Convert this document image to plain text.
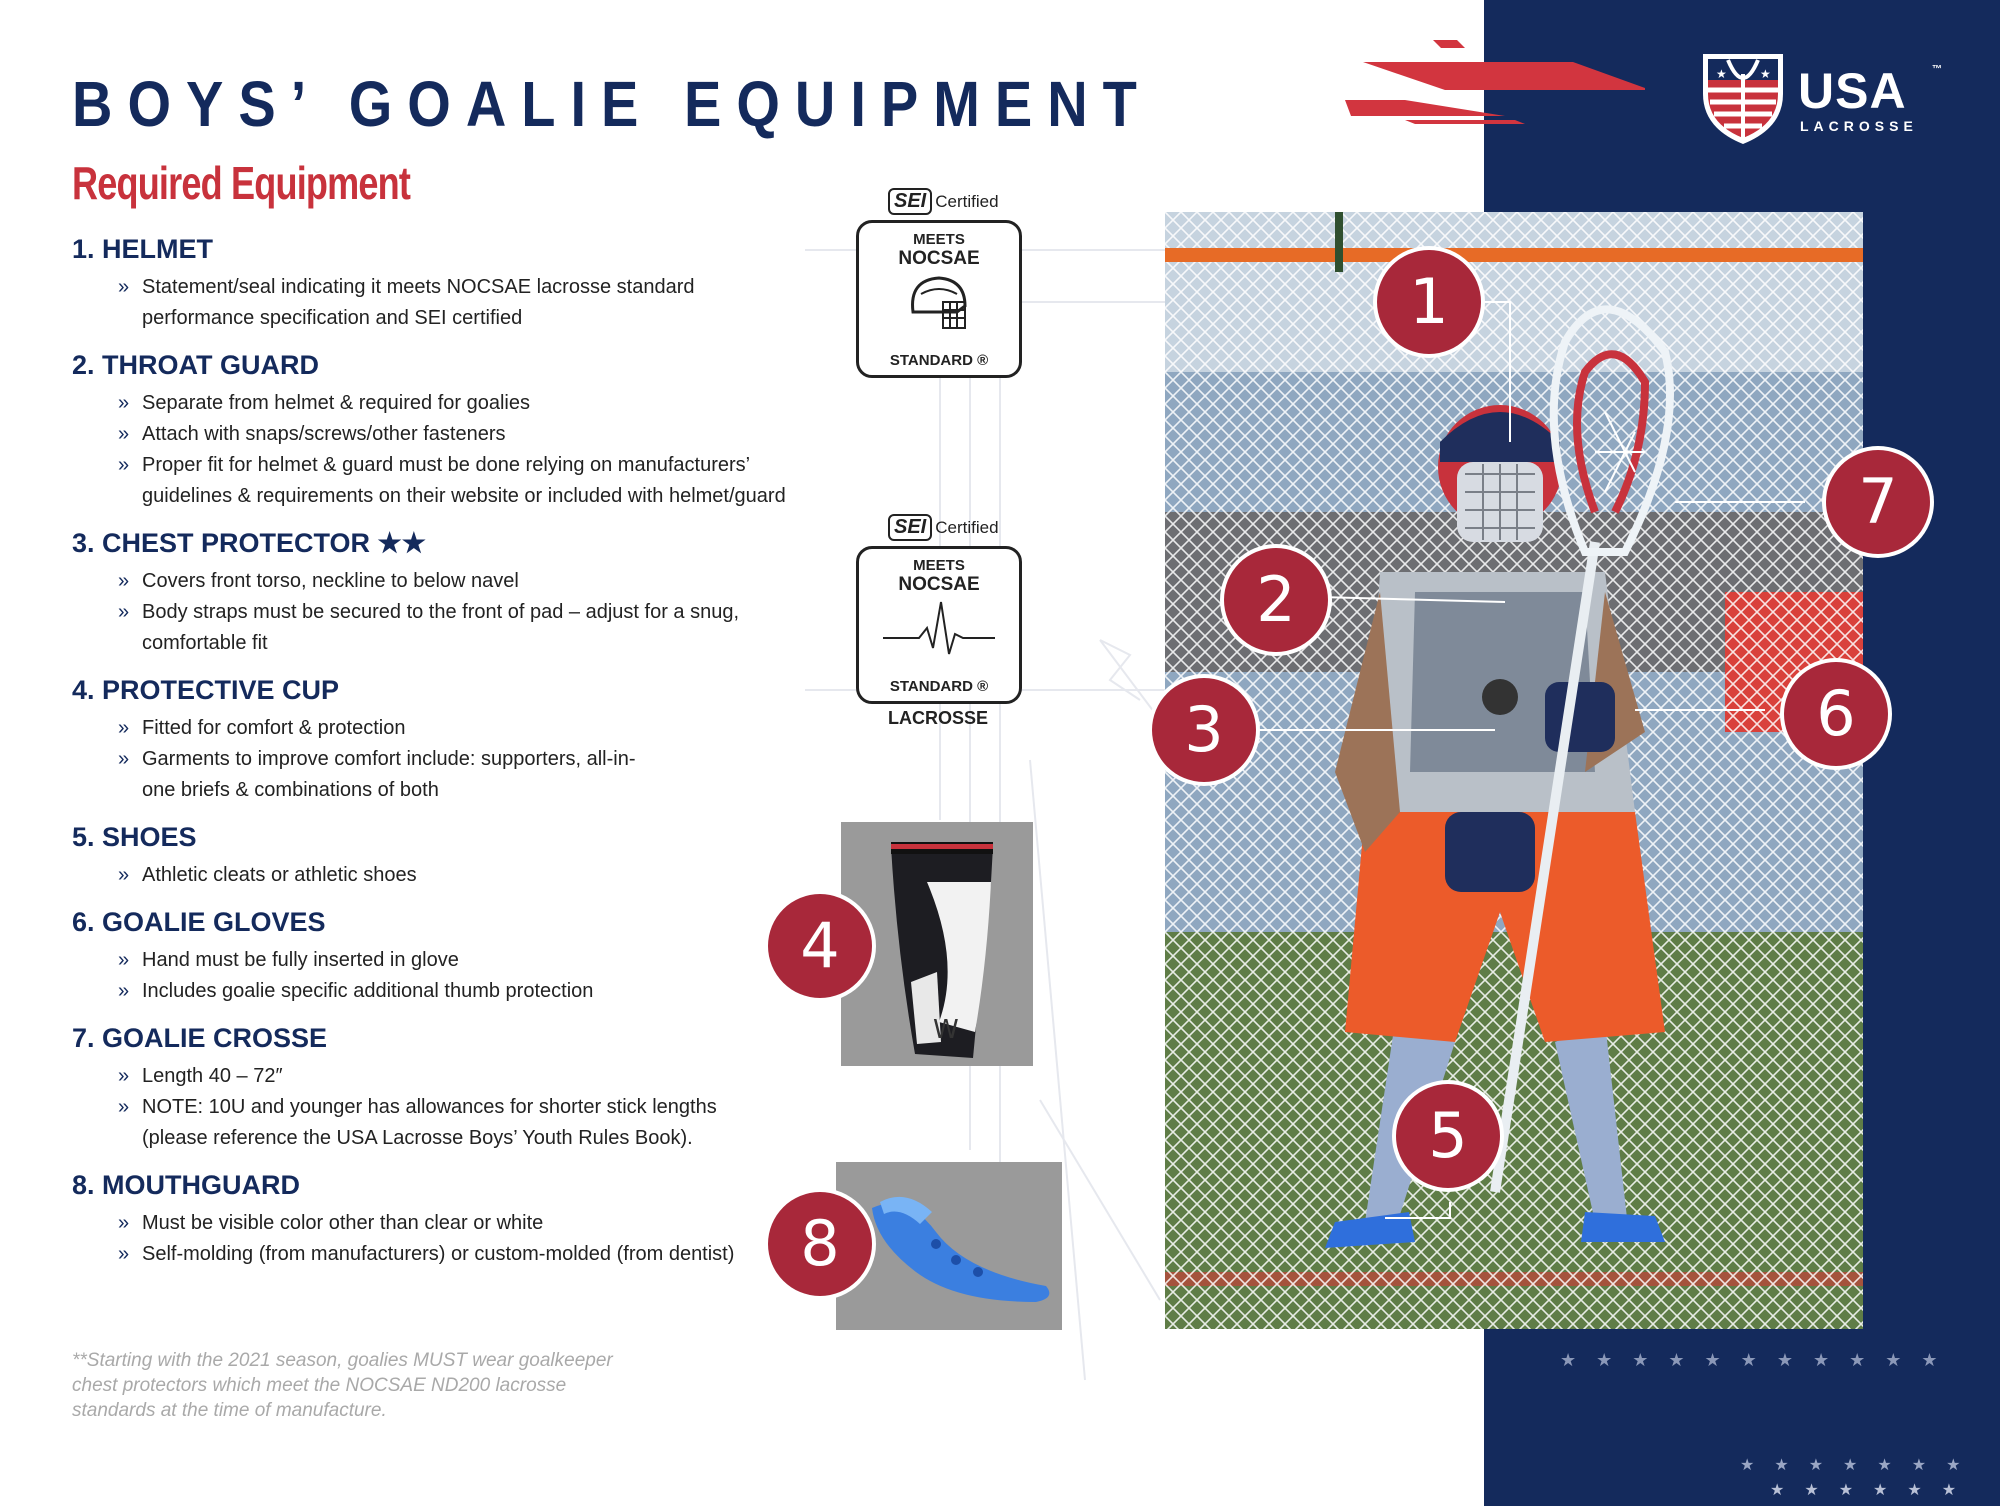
★★★★★★★★★★★
★★★★★★★
★★★★★★
★	★ USA	™
LACROSSE
BOYS’ GOALIE EQUIPMENT
Required Equipment
1. HELMET
» Statement/seal indicating it meets NOCSAE lacrosse standard performance specification and SEI certified
2. THROAT GUARD
» Separate from helmet & required for goalies
» Attach with snaps/screws/other fasteners
» Proper fit for helmet & guard must be done relying on manufacturers’ guidelines & requirements on their website or included with helmet/guard
3. CHEST PROTECTOR ★★
» Covers front torso, neckline to below navel
» Body straps must be secured to the front of pad – adjust for a snug, comfortable fit
4. PROTECTIVE CUP
» Fitted for comfort & protection
» Garments to improve comfort include: supporters, all-in-one briefs & combinations of both
5. SHOES
» Athletic cleats or athletic shoes
6. GOALIE GLOVES
» Hand must be fully inserted in glove
» Includes goalie specific additional thumb protection
7. GOALIE CROSSE
» Length 40 – 72″
» NOTE: 10U and younger has allowances for shorter stick lengths (please reference the USA Lacrosse Boys’ Youth Rules Book).
8. MOUTHGUARD
» Must be visible color other than clear or white
» Self-molding (from manufacturers) or custom-molded (from dentist)

**Starting with the 2021 season, goalies MUST wear goalkeeper chest protectors which meet the NOCSAE ND200 lacrosse standards at the time of manufacture.

SEI Certified
MEETS
NOCSAE
STANDARD ®
SEI Certified
MEETS
NOCSAE
STANDARD ®
LACROSSE
W
1
2
3
4
5
6
7
8
